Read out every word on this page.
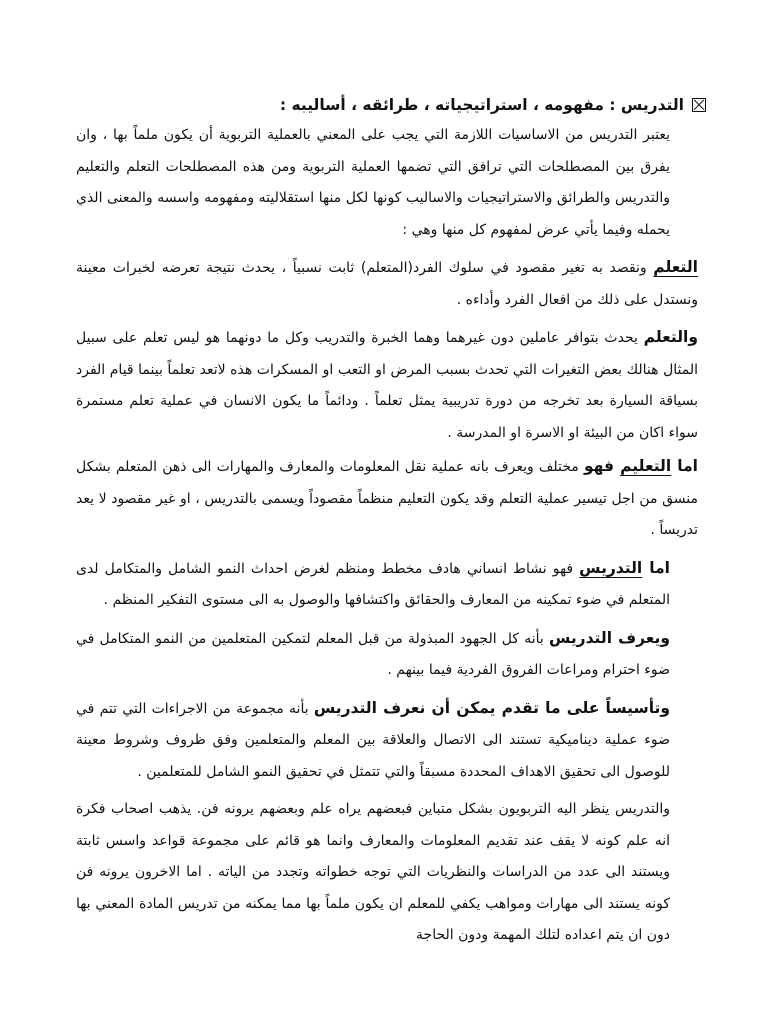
التدريس : مفهومه ، استراتيجياته ، طرائقه ، أساليبه :

يعتبر التدريس من الاساسيات اللازمة التي يجب على المعني بالعملية التربوية أن يكون ملماً بها ، وان يفرق بين المصطلحات التي ترافق التي تضمها العملية التربوية ومن هذه المصطلحات التعلم والتعليم والتدريس والطرائق والاستراتيجيات والاساليب كونها لكل منها استقلاليته ومفهومه واسسه والمعنى الذي يحمله وفيما يأتي عرض لمفهوم كل منها وهي :

التعلم ونقصد به تغير مقصود في سلوك الفرد(المتعلم) ثابت نسبياً ، يحدث نتيجة تعرضه لخبرات معينة ونستدل على ذلك من افعال الفرد وأداءه .

والتعلم يحدث بتوافر عاملين دون غيرهما وهما الخبرة والتدريب وكل ما دونهما هو ليس تعلم على سبيل المثال هنالك بعض التغيرات التي تحدث بسبب المرض او التعب او المسكرات هذه لاتعد تعلماً بينما قيام الفرد بسياقة السيارة بعد تخرجه من دورة تدريبية يمثل تعلماً . ودائماً ما يكون الانسان في عملية تعلم مستمرة سواء اكان من البيئة او الاسرة او المدرسة .

اما التعليم فهو مختلف ويعرف بانه عملية نقل المعلومات والمعارف والمهارات الى ذهن المتعلم بشكل منسق من اجل تيسير عملية التعلم وقد يكون التعليم منظماً مقصوداً ويسمى بالتدريس ، او غير مقصود لا يعد تدريساً .

اما التدريس فهو نشاط انساني هادف مخطط ومنظم لغرض احداث النمو الشامل والمتكامل لدى المتعلم في ضوء تمكينه من المعارف والحقائق واكتشافها والوصول به الى مستوى التفكير المنظم .

ويعرف التدريس بأنه كل الجهود المبذولة من قبل المعلم لتمكين المتعلمين من النمو المتكامل في ضوء احترام ومراعات الفروق الفردية فيما بينهم .

وتأسيساً على ما تقدم يمكن أن نعرف التدريس بأنه مجموعة من الاجراءات التي تتم في ضوء عملية ديناميكية تستند الى الاتصال والعلاقة بين المعلم والمتعلمين وفق ظروف وشروط معينة للوصول الى تحقيق الاهداف المحددة مسبقاً والتي تتمثل في تحقيق النمو الشامل للمتعلمين .

والتدريس ينظر اليه التربويون بشكل متباين فبعضهم يراه علم وبعضهم يرونه فن. يذهب اصحاب فكرة انه علم كونه لا يقف عند تقديم المعلومات والمعارف وانما هو قائم على مجموعة قواعد واسس ثابتة ويستند الى عدد من الدراسات والنظريات التي توجه خطواته وتجدد من الياته . اما الاخرون يرونه فن كونه يستند الى مهارات ومواهب يكفي للمعلم ان يكون ملماً بها مما يمكنه من تدريس المادة المعني بها دون ان يتم اعداده لتلك المهمة ودون الحاجة
